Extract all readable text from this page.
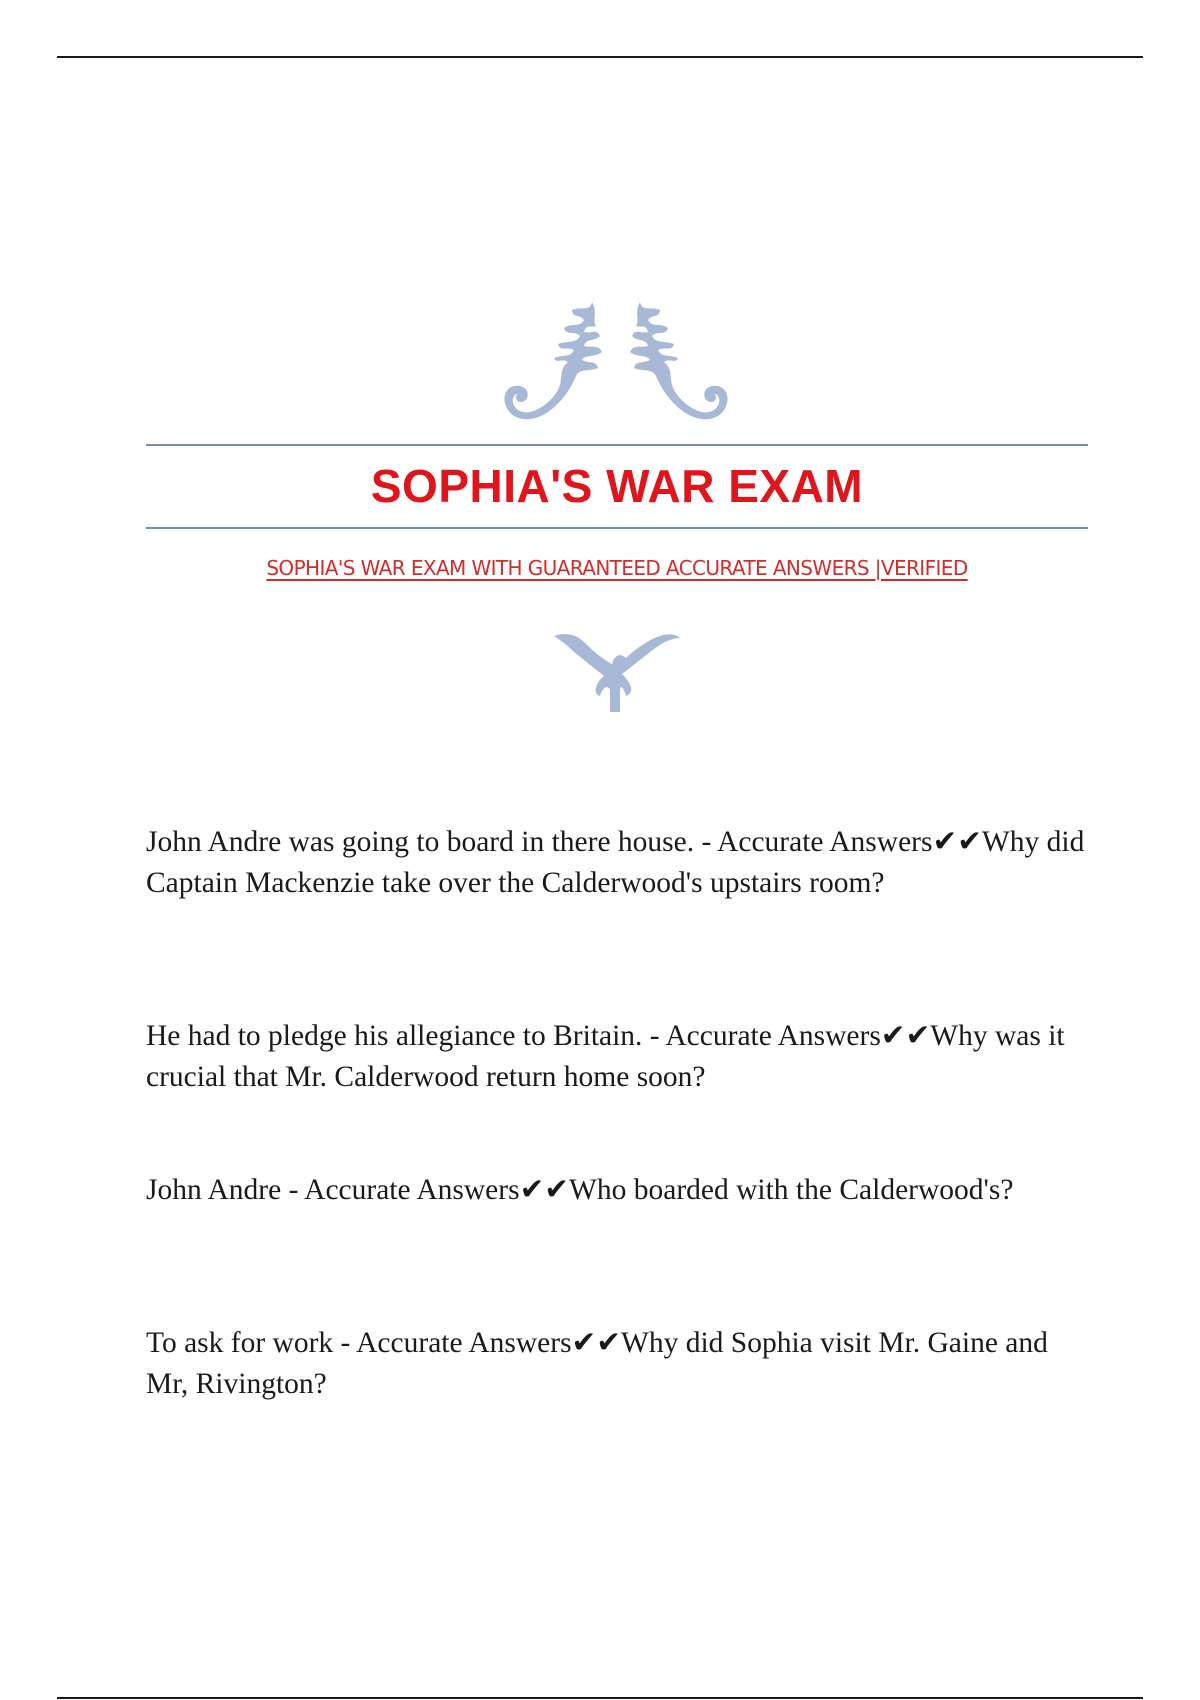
SOPHIA'S WAR EXAM
SOPHIA'S WAR EXAM WITH GUARANTEED ACCURATE ANSWERS |VERIFIED

John Andre was going to board in there house. - Accurate Answers✔✔Why did Captain Mackenzie take over the Calderwood's upstairs room?

He had to pledge his allegiance to Britain. - Accurate Answers✔✔Why was it crucial that Mr. Calderwood return home soon?

John Andre - Accurate Answers✔✔Who boarded with the Calderwood's?

To ask for work - Accurate Answers✔✔Why did Sophia visit Mr. Gaine and Mr, Rivington?
